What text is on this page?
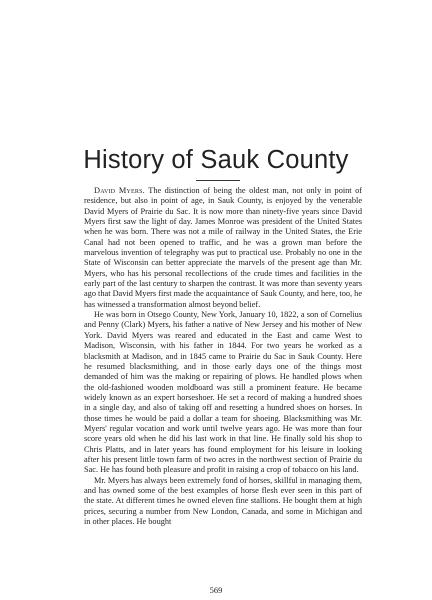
History of Sauk County

David Myers. The distinction of being the oldest man, not only in point of residence, but also in point of age, in Sauk County, is enjoyed by the venerable David Myers of Prairie du Sac. It is now more than ninety-five years since David Myers first saw the light of day. James Monroe was president of the United States when he was born. There was not a mile of railway in the United States, the Erie Canal had not been opened to traffic, and he was a grown man before the marvelous invention of telegraphy was put to practical use. Probably no one in the State of Wisconsin can better appreciate the marvels of the present age than Mr. Myers, who has his personal recollections of the crude times and facilities in the early part of the last century to sharpen the contrast. It was more than seventy years ago that David Myers first made the acquaintance of Sauk County, and here, too, he has witnessed a transformation almost beyond belief.

He was born in Otsego County, New York, January 10, 1822, a son of Cornelius and Penny (Clark) Myers, his father a native of New Jersey and his mother of New York. David Myers was reared and educated in the East and came West to Madison, Wisconsin, with his father in 1844. For two years he worked as a blacksmith at Madison, and in 1845 came to Prairie du Sac in Sauk County. Here he resumed blacksmithing, and in those early days one of the things most demanded of him was the making or repairing of plows. He handled plows when the old-fashioned wooden moldboard was still a prominent feature. He became widely known as an expert horseshoer. He set a record of making a hundred shoes in a single day, and also of taking off and resetting a hundred shoes on horses. In those times he would be paid a dollar a team for shoeing. Blacksmithing was Mr. Myers' regular vocation and work until twelve years ago. He was more than four score years old when he did his last work in that line. He finally sold his shop to Chris Platts, and in later years has found employment for his leisure in looking after his present little town farm of two acres in the northwest section of Prairie du Sac. He has found both pleasure and profit in raising a crop of tobacco on his land.

Mr. Myers has always been extremely fond of horses, skillful in managing them, and has owned some of the best examples of horse flesh ever seen in this part of the state. At different times he owned eleven fine stallions. He bought them at high prices, securing a number from New London, Canada, and some in Michigan and in other places. He bought

569
